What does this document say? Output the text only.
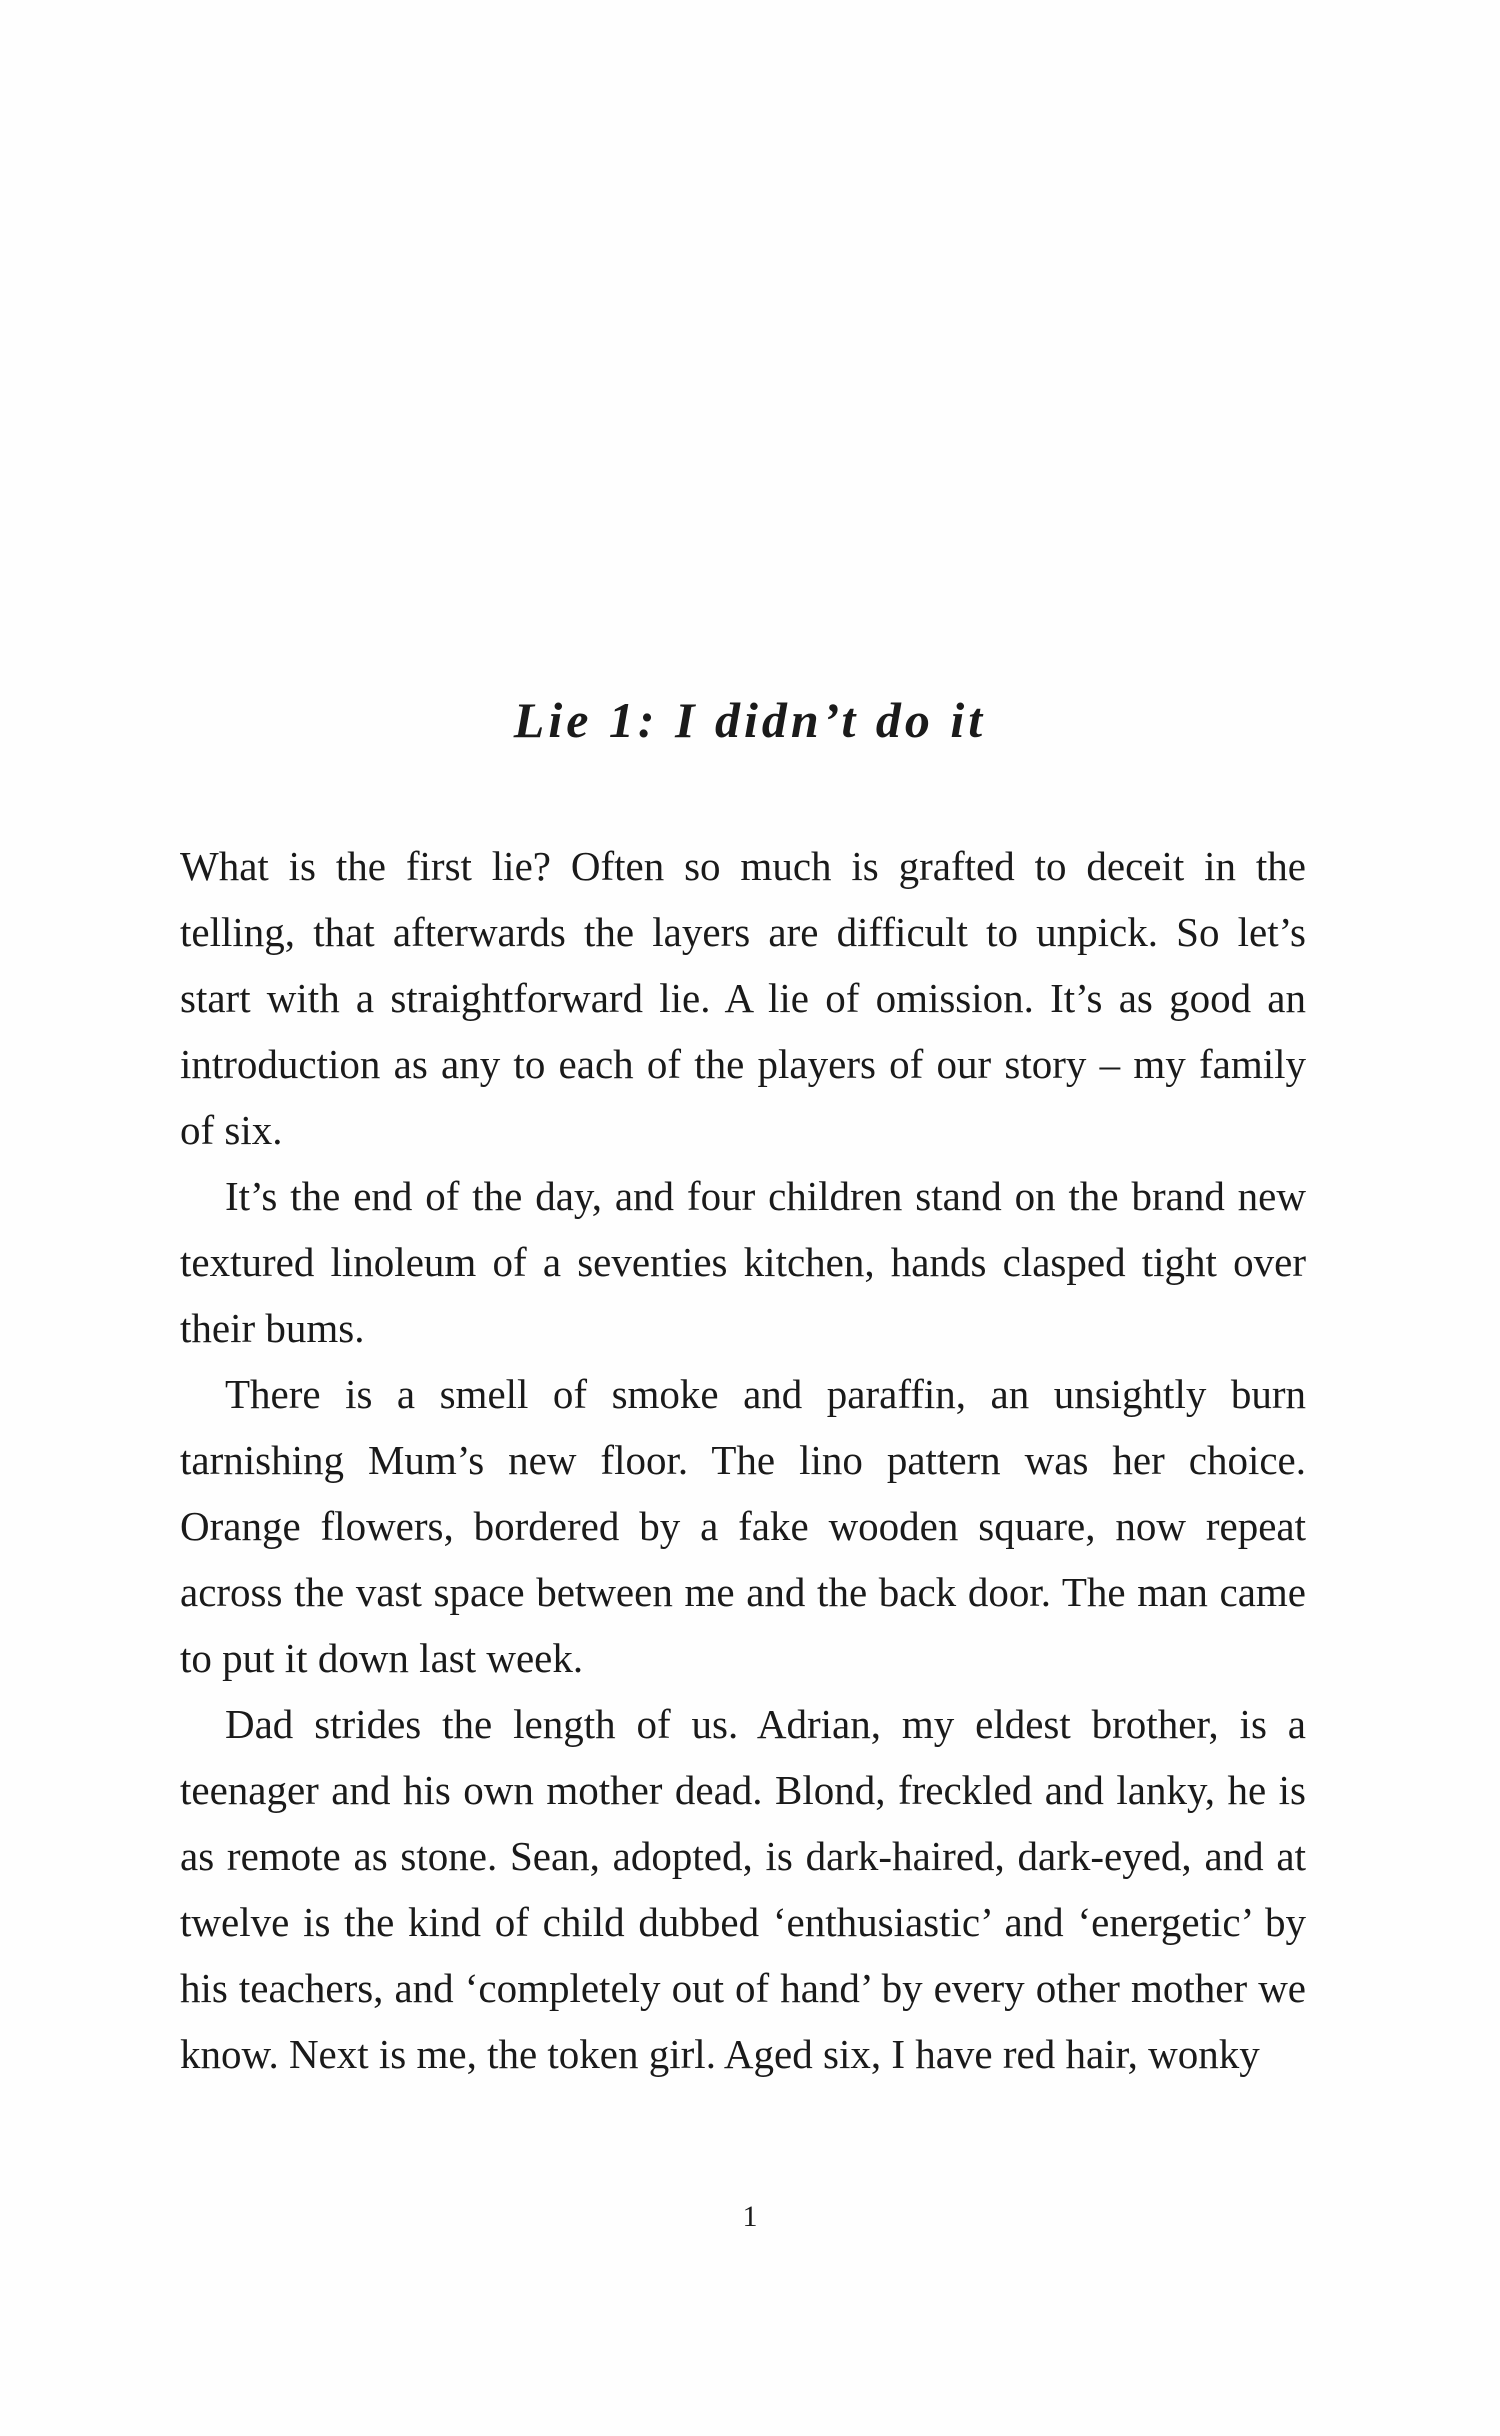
Lie 1: I didn’t do it

What is the first lie? Often so much is grafted to deceit in the telling, that afterwards the layers are difficult to unpick. So let’s start with a straightforward lie. A lie of omission. It’s as good an introduction as any to each of the players of our story – my family of six.

It’s the end of the day, and four children stand on the brand new textured linoleum of a seventies kitchen, hands clasped tight over their bums.

There is a smell of smoke and paraffin, an unsightly burn tarnishing Mum’s new floor. The lino pattern was her choice. Orange flowers, bordered by a fake wooden square, now repeat across the vast space between me and the back door. The man came to put it down last week.

Dad strides the length of us. Adrian, my eldest brother, is a teenager and his own mother dead. Blond, freckled and lanky, he is as remote as stone. Sean, adopted, is dark-haired, dark-eyed, and at twelve is the kind of child dubbed ‘enthusiastic’ and ‘energetic’ by his teachers, and ‘completely out of hand’ by every other mother we know. Next is me, the token girl. Aged six, I have red hair, wonky

1
